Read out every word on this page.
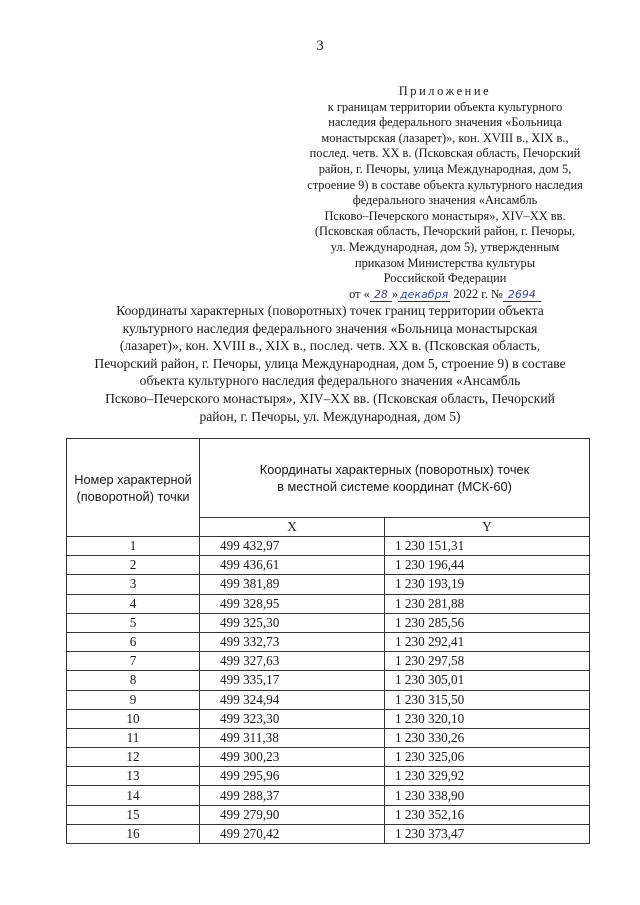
3
Приложение
к границам территории объекта культурного
наследия федерального значения «Больница
монастырская (лазарет)», кон. XVIII в., XIX в.,
послед. четв. XX в. (Псковская область, Печорский
район, г. Печоры, улица Международная, дом 5,
строение 9) в составе объекта культурного наследия
федерального значения «Ансамбль
Псково–Печерского монастыря», XIV–XX вв.
(Псковская область, Печорский район, г. Печоры,
ул. Международная, дом 5), утвержденным
приказом Министерства культуры
Российской Федерации
от « 28 » декабря 2022 г. № 2694
Координаты характерных (поворотных) точек границ территории объекта
культурного наследия федерального значения «Больница монастырская
(лазарет)», кон. XVIII в., XIX в., послед. четв. XX в. (Псковская область,
Печорский район, г. Печоры, улица Международная, дом 5, строение 9) в составе
объекта культурного наследия федерального значения «Ансамбль
Псково–Печерского монастыря», XIV–XX вв. (Псковская область, Печорский
район, г. Печоры, ул. Международная, дом 5)
Номер характерной
(поворотной) точки	Координаты характерных (поворотных) точек
в местной системе координат (МСК-60)	
	X	Y
1	499 432,97	1 230 151,31
2	499 436,61	1 230 196,44
3	499 381,89	1 230 193,19
4	499 328,95	1 230 281,88
5	499 325,30	1 230 285,56
6	499 332,73	1 230 292,41
7	499 327,63	1 230 297,58
8	499 335,17	1 230 305,01
9	499 324,94	1 230 315,50
10	499 323,30	1 230 320,10
11	499 311,38	1 230 330,26
12	499 300,23	1 230 325,06
13	499 295,96	1 230 329,92
14	499 288,37	1 230 338,90
15	499 279,90	1 230 352,16
16	499 270,42	1 230 373,47
